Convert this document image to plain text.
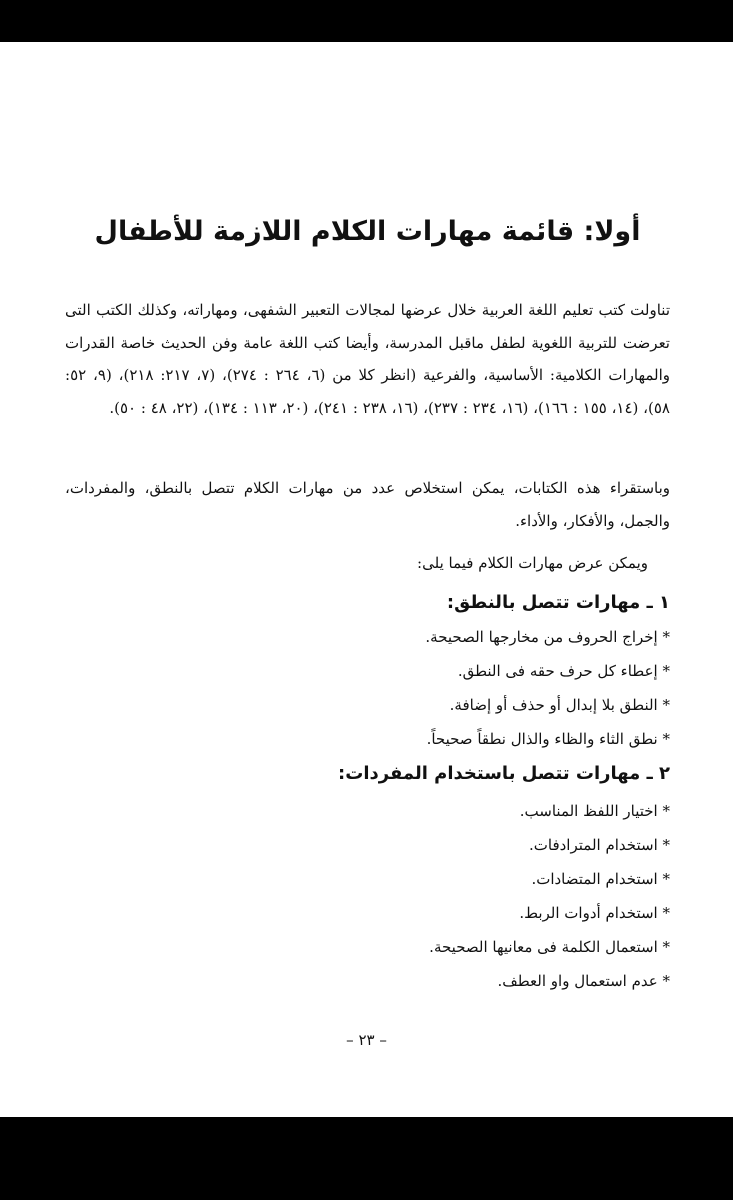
أولا: قائمة مهارات الكلام اللازمة للأطفال

تناولت كتب تعليم اللغة العربية خلال عرضها لمجالات التعبير الشفهى، ومهاراته، وكذلك الكتب التى تعرضت للتربية اللغوية لطفل ماقبل المدرسة، وأيضا كتب اللغة عامة وفن الحديث خاصة القدرات والمهارات الكلامية: الأساسية، والفرعية (انظر كلا من (٦، ٢٦٤ : ٢٧٤)، (٧، ٢١٧: ٢١٨)، (٩، ٥٢: ٥٨)، (١٤، ١٥٥ : ١٦٦)، (١٦، ٢٣٤ : ٢٣٧)، (١٦، ٢٣٨ : ٢٤١)، (٢٠، ١١٣ : ١٣٤)، (٢٢، ٤٨ : ٥٠).

وباستقراء هذه الكتابات، يمكن استخلاص عدد من مهارات الكلام تتصل بالنطق، والمفردات، والجمل، والأفكار، والأداء.

ويمكن عرض مهارات الكلام فيما يلى:

١ ـ مهارات تتصل بالنطق:
* إخراج الحروف من مخارجها الصحيحة.
* إعطاء كل حرف حقه فى النطق.
* النطق بلا إبدال أو حذف أو إضافة.
* نطق الثاء والظاء والذال نطقاً صحيحاً.
٢ ـ مهارات تتصل باستخدام المفردات:
* اختيار اللفظ المناسب.
* استخدام المترادفات.
* استخدام المتضادات.
* استخدام أدوات الربط.
* استعمال الكلمة فى معانيها الصحيحة.
* عدم استعمال واو العطف.
– ٢٣ –
